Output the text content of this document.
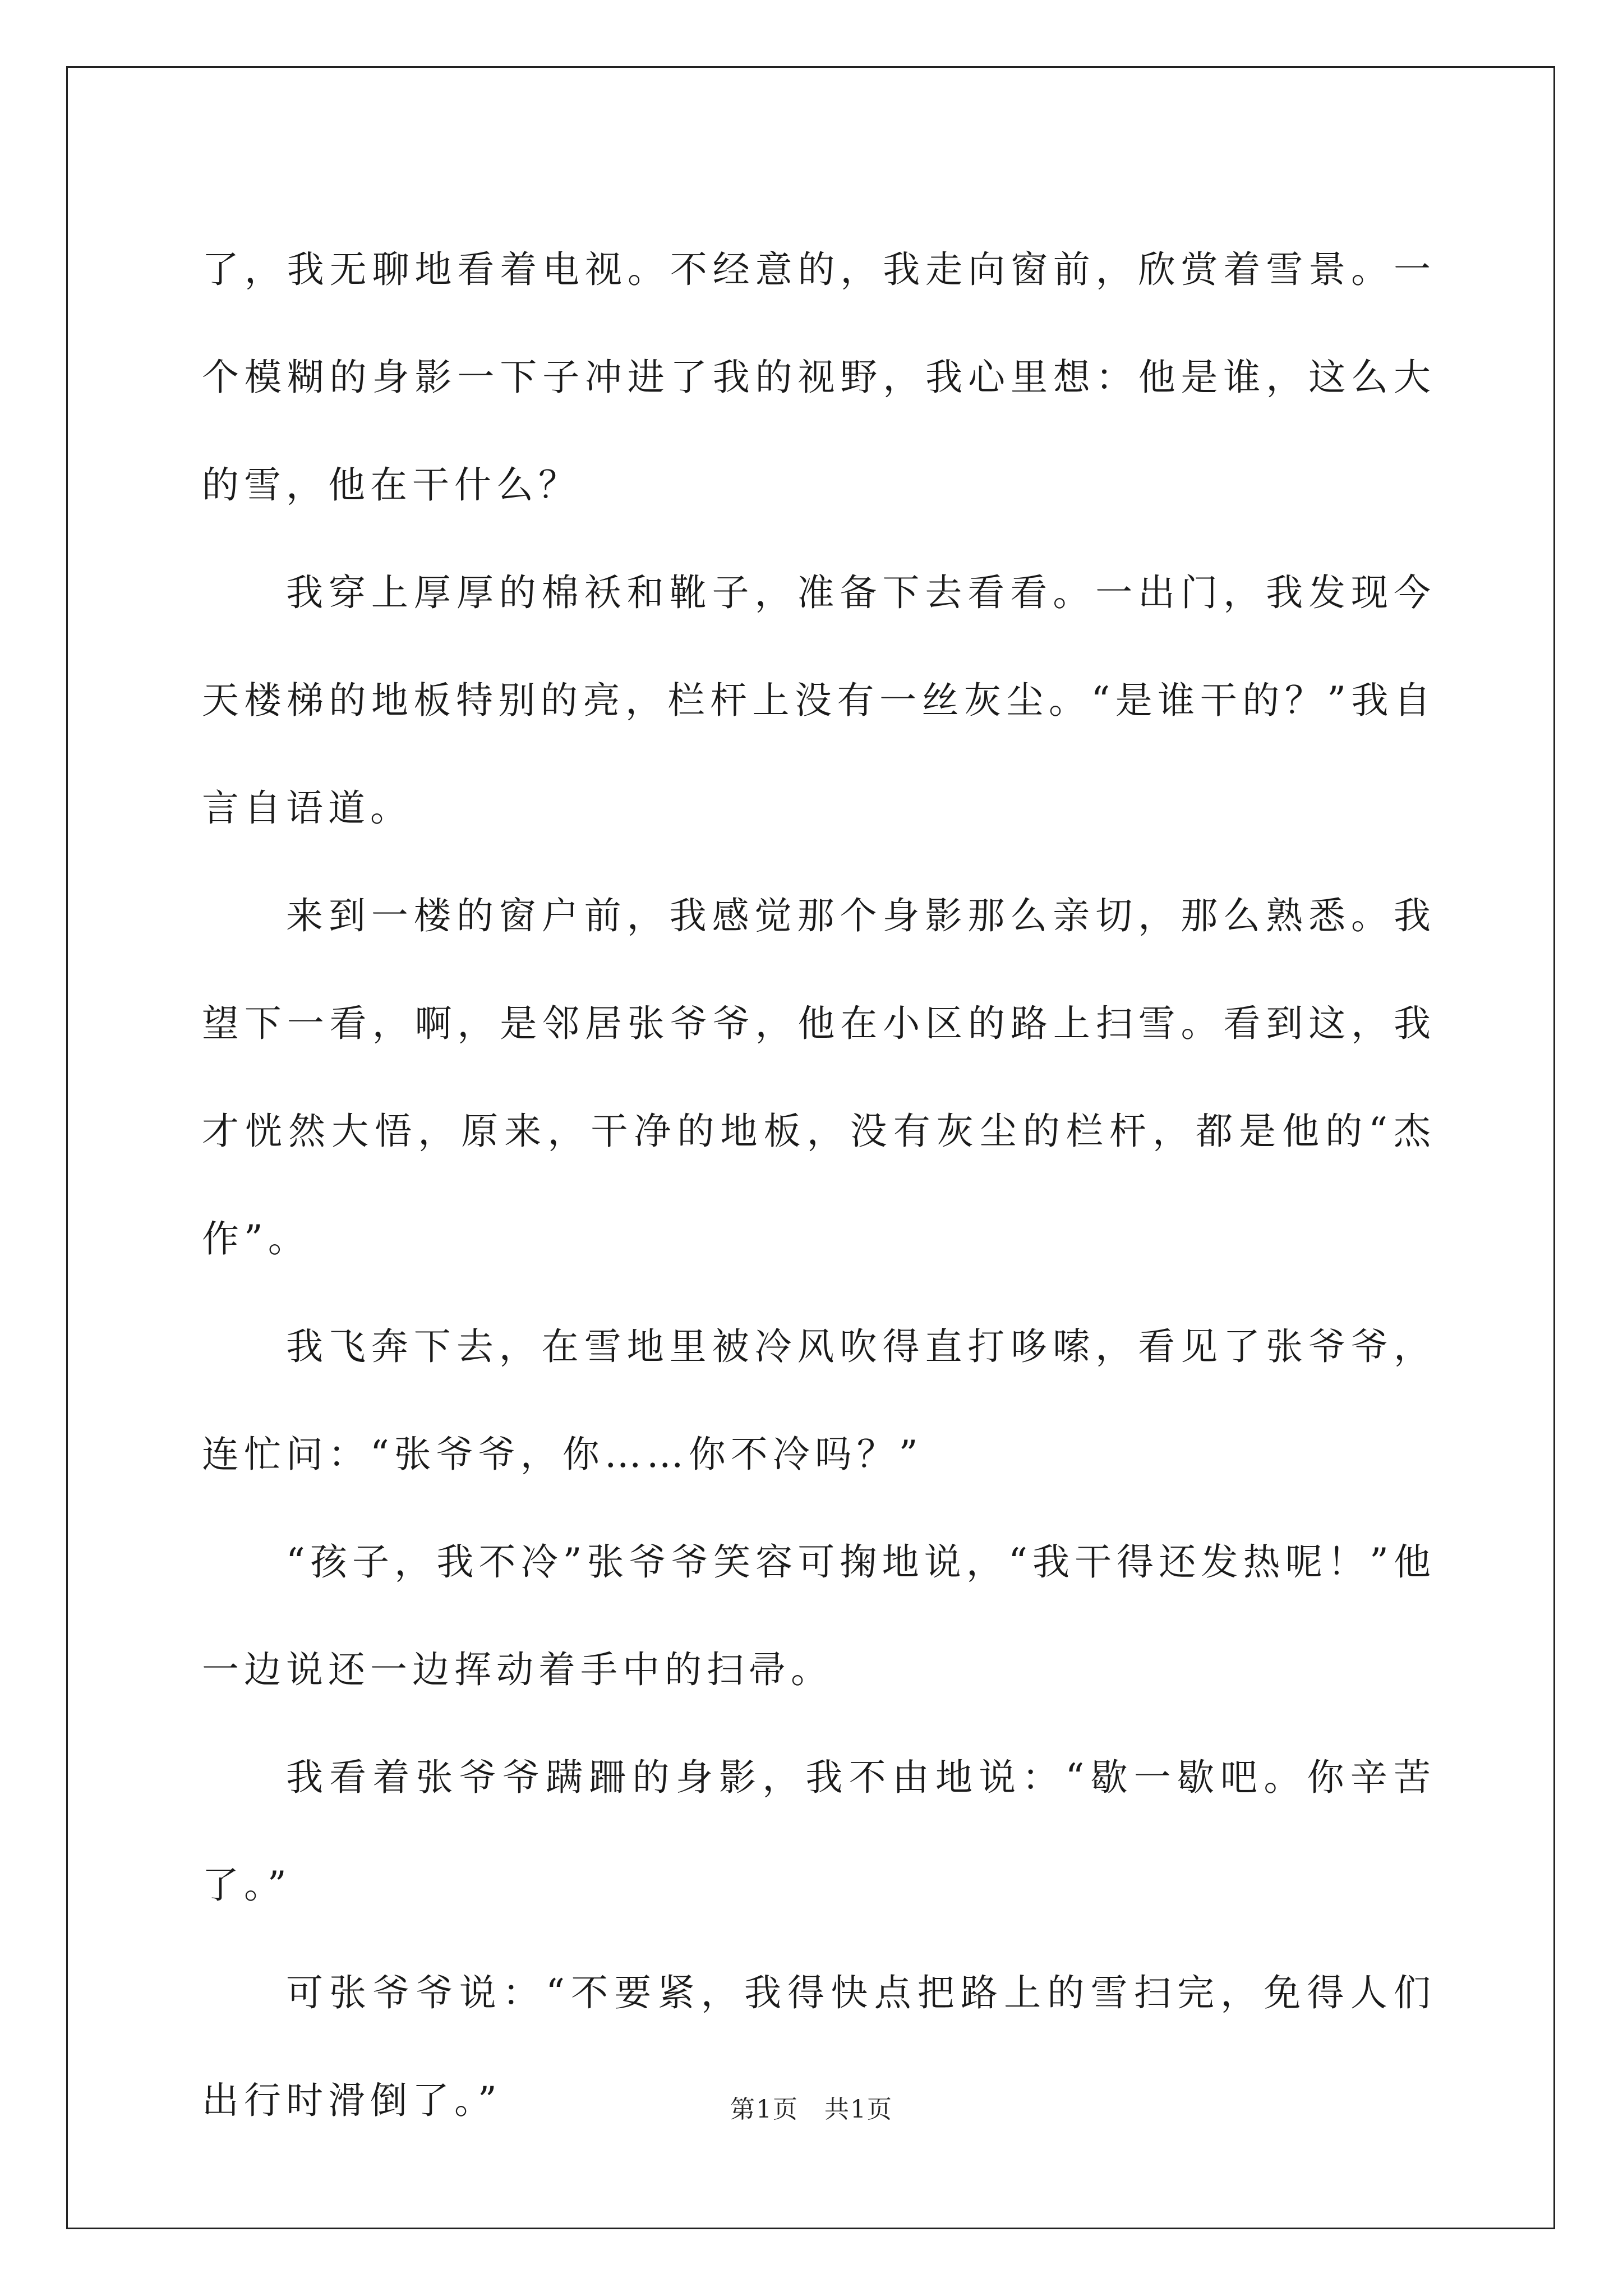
了，我无聊地看着电视。不经意的，我走向窗前，欣赏着雪景。一个模糊的身影一下子冲进了我的视野，我心里想：他是谁，这么大的雪，他在干什么？

我穿上厚厚的棉袄和靴子，准备下去看看。一出门，我发现今天楼梯的地板特别的亮，栏杆上没有一丝灰尘。“是谁干的？”我自言自语道。

来到一楼的窗户前，我感觉那个身影那么亲切，那么熟悉。我望下一看，啊，是邻居张爷爷，他在小区的路上扫雪。看到这，我才恍然大悟，原来，干净的地板，没有灰尘的栏杆，都是他的“杰作”。

我飞奔下去，在雪地里被冷风吹得直打哆嗦，看见了张爷爷，连忙问：“张爷爷，你……你不冷吗？”

“孩子，我不冷”张爷爷笑容可掬地说，“我干得还发热呢！”他一边说还一边挥动着手中的扫帚。

我看着张爷爷蹒跚的身影，我不由地说：“歇一歇吧。你辛苦了。”

可张爷爷说：“不要紧，我得快点把路上的雪扫完，免得人们出行时滑倒了。”	第1页 共1页
